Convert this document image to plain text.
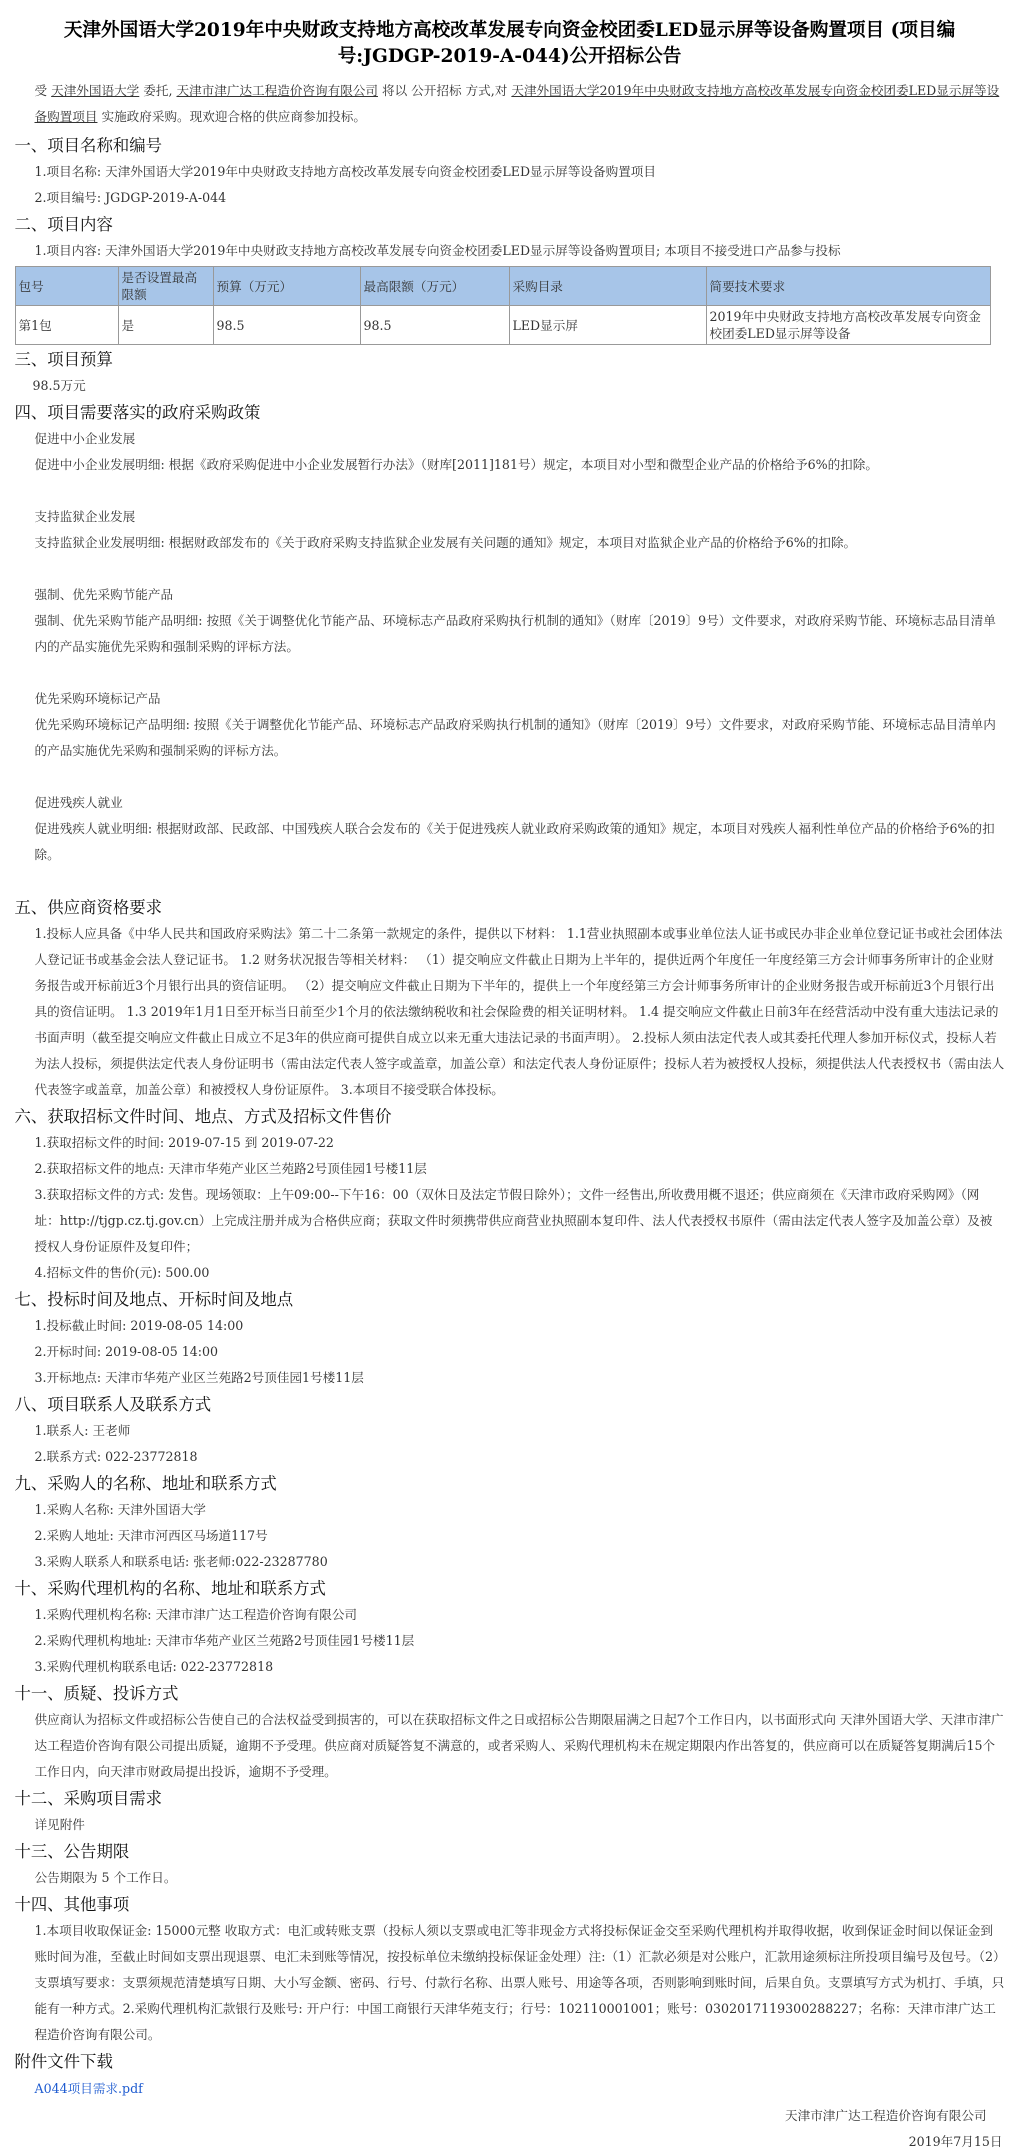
天津外国语大学2019年中央财政支持地方高校改革发展专向资金校团委LED显示屏等设备购置项目 (项目编号:JGDGP-2019-A-044)公开招标公告

受 天津外国语大学 委托, 天津市津广达工程造价咨询有限公司 将以 公开招标 方式,对 天津外国语大学2019年中央财政支持地方高校改革发展专向资金校团委LED显示屏等设备购置项目 实施政府采购。现欢迎合格的供应商参加投标。

一、项目名称和编号

1.项目名称: 天津外国语大学2019年中央财政支持地方高校改革发展专向资金校团委LED显示屏等设备购置项目

2.项目编号: JGDGP-2019-A-044

二、项目内容

1.项目内容: 天津外国语大学2019年中央财政支持地方高校改革发展专向资金校团委LED显示屏等设备购置项目; 本项目不接受进口产品参与投标

包号	是否设置最高限额	预算（万元）	最高限额（万元）	采购目录	简要技术要求
第1包	是	98.5	98.5	LED显示屏	2019年中央财政支持地方高校改革发展专向资金校团委LED显示屏等设备
三、项目预算

98.5万元

四、项目需要落实的政府采购政策

促进中小企业发展

促进中小企业发展明细: 根据《政府采购促进中小企业发展暂行办法》（财库[2011]181号）规定，本项目对小型和微型企业产品的价格给予6%的扣除。

支持监狱企业发展

支持监狱企业发展明细: 根据财政部发布的《关于政府采购支持监狱企业发展有关问题的通知》规定，本项目对监狱企业产品的价格给予6%的扣除。

强制、优先采购节能产品

强制、优先采购节能产品明细: 按照《关于调整优化节能产品、环境标志产品政府采购执行机制的通知》（财库〔2019〕9号）文件要求，对政府采购节能、环境标志品目清单内的产品实施优先采购和强制采购的评标方法。

优先采购环境标记产品

优先采购环境标记产品明细: 按照《关于调整优化节能产品、环境标志产品政府采购执行机制的通知》（财库〔2019〕9号）文件要求，对政府采购节能、环境标志品目清单内的产品实施优先采购和强制采购的评标方法。

促进残疾人就业

促进残疾人就业明细: 根据财政部、民政部、中国残疾人联合会发布的《关于促进残疾人就业政府采购政策的通知》规定，本项目对残疾人福利性单位产品的价格给予6%的扣除。

五、供应商资格要求

1.投标人应具备《中华人民共和国政府采购法》第二十二条第一款规定的条件，提供以下材料： 1.1营业执照副本或事业单位法人证书或民办非企业单位登记证书或社会团体法人登记证书或基金会法人登记证书。 1.2 财务状况报告等相关材料： （1）提交响应文件截止日期为上半年的，提供近两个年度任一年度经第三方会计师事务所审计的企业财务报告或开标前近3个月银行出具的资信证明。 （2）提交响应文件截止日期为下半年的，提供上一个年度经第三方会计师事务所审计的企业财务报告或开标前近3个月银行出具的资信证明。 1.3 2019年1月1日至开标当日前至少1个月的依法缴纳税收和社会保险费的相关证明材料。 1.4 提交响应文件截止日前3年在经营活动中没有重大违法记录的书面声明（截至提交响应文件截止日成立不足3年的供应商可提供自成立以来无重大违法记录的书面声明）。 2.投标人须由法定代表人或其委托代理人参加开标仪式，投标人若为法人投标，须提供法定代表人身份证明书（需由法定代表人签字或盖章，加盖公章）和法定代表人身份证原件；投标人若为被授权人投标，须提供法人代表授权书（需由法人代表签字或盖章，加盖公章）和被授权人身份证原件。 3.本项目不接受联合体投标。

六、获取招标文件时间、地点、方式及招标文件售价

1.获取招标文件的时间: 2019-07-15 到 2019-07-22

2.获取招标文件的地点: 天津市华苑产业区兰苑路2号顶佳园1号楼11层

3.获取招标文件的方式: 发售。现场领取：上午09:00--下午16：00（双休日及法定节假日除外）；文件一经售出,所收费用概不退还；供应商须在《天津市政府采购网》（网址：http://tjgp.cz.tj.gov.cn）上完成注册并成为合格供应商；获取文件时须携带供应商营业执照副本复印件、法人代表授权书原件（需由法定代表人签字及加盖公章）及被授权人身份证原件及复印件；

4.招标文件的售价(元): 500.00

七、投标时间及地点、开标时间及地点

1.投标截止时间: 2019-08-05 14:00

2.开标时间: 2019-08-05 14:00

3.开标地点: 天津市华苑产业区兰苑路2号顶佳园1号楼11层

八、项目联系人及联系方式

1.联系人: 王老师

2.联系方式: 022-23772818

九、采购人的名称、地址和联系方式

1.采购人名称: 天津外国语大学

2.采购人地址: 天津市河西区马场道117号

3.采购人联系人和联系电话: 张老师:022-23287780

十、采购代理机构的名称、地址和联系方式

1.采购代理机构名称: 天津市津广达工程造价咨询有限公司

2.采购代理机构地址: 天津市华苑产业区兰苑路2号顶佳园1号楼11层

3.采购代理机构联系电话: 022-23772818

十一、质疑、投诉方式

供应商认为招标文件或招标公告使自己的合法权益受到损害的，可以在获取招标文件之日或招标公告期限届满之日起7个工作日内，以书面形式向 天津外国语大学、天津市津广达工程造价咨询有限公司提出质疑，逾期不予受理。供应商对质疑答复不满意的，或者采购人、采购代理机构未在规定期限内作出答复的，供应商可以在质疑答复期满后15个工作日内，向天津市财政局提出投诉，逾期不予受理。

十二、采购项目需求

详见附件

十三、公告期限

公告期限为 5 个工作日。

十四、其他事项

1.本项目收取保证金: 15000元整 收取方式：电汇或转账支票（投标人须以支票或电汇等非现金方式将投标保证金交至采购代理机构并取得收据，收到保证金时间以保证金到账时间为准，至截止时间如支票出现退票、电汇未到账等情况，按投标单位未缴纳投标保证金处理）注:（1）汇款必须是对公账户，汇款用途须标注所投项目编号及包号。（2）支票填写要求：支票须规范清楚填写日期、大小写金额、密码、行号、付款行名称、出票人账号、用途等各项，否则影响到账时间，后果自负。支票填写方式为机打、手填，只能有一种方式。2.采购代理机构汇款银行及账号: 开户行：中国工商银行天津华苑支行；行号：102110001001；账号：0302017119300288227；名称：天津市津广达工程造价咨询有限公司。

附件文件下载
A044项目需求.pdf

天津市津广达工程造价咨询有限公司

2019年7月15日
